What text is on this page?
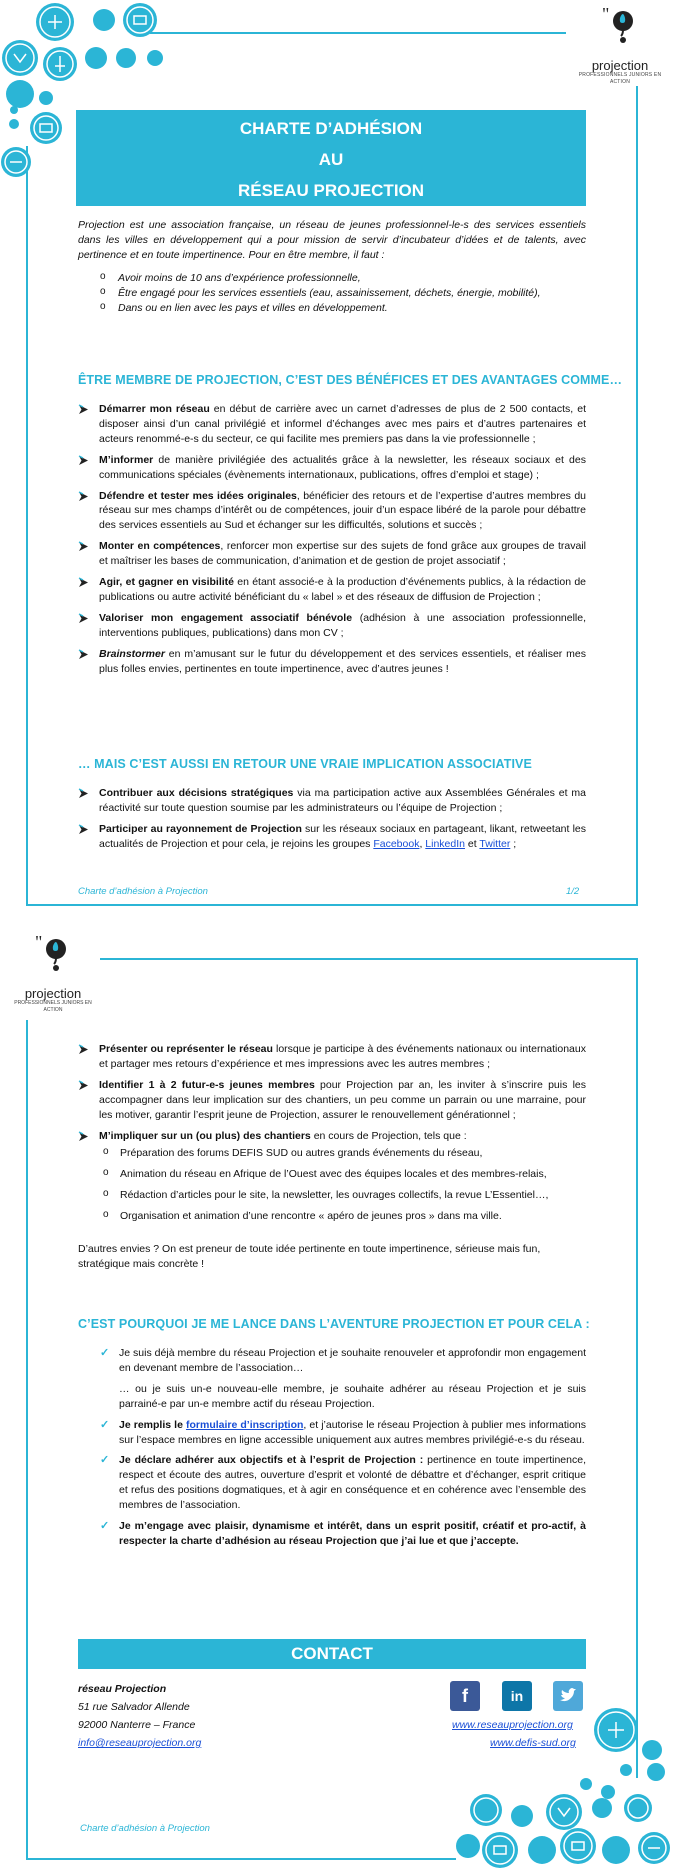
"
projection
PROFESSIONNELS JUNIORS EN ACTION
CHARTE D’ADHÉSION
AU
RÉSEAU PROJECTION

Projection est une association française, un réseau de jeunes professionnel-le-s des services essentiels dans les villes en développement qui a pour mission de servir d’incubateur d’idées et de talents, avec pertinence et en toute impertinence. Pour en être membre, il faut :

o Avoir moins de 10 ans d’expérience professionnelle,
o Être engagé pour les services essentiels (eau, assainissement, déchets, énergie, mobilité),
o Dans ou en lien avec les pays et villes en développement.
ÊTRE MEMBRE DE PROJECTION, C’EST DES BÉNÉFICES ET DES AVANTAGES COMME…
Démarrer mon réseau en début de carrière avec un carnet d’adresses de plus de 2 500 contacts, et disposer ainsi d’un canal privilégié et informel d’échanges avec mes pairs et d’autres partenaires et acteurs renommé-e-s du secteur, ce qui facilite mes premiers pas dans la vie professionnelle ;
M’informer de manière privilégiée des actualités grâce à la newsletter, les réseaux sociaux et des communications spéciales (évènements internationaux, publications, offres d’emploi et stage) ;
Défendre et tester mes idées originales, bénéficier des retours et de l’expertise d’autres membres du réseau sur mes champs d’intérêt ou de compétences, jouir d’un espace libéré de la parole pour débattre des services essentiels au Sud et échanger sur les difficultés, solutions et succès ;
Monter en compétences, renforcer mon expertise sur des sujets de fond grâce aux groupes de travail et maîtriser les bases de communication, d’animation et de gestion de projet associatif ;
Agir, et gagner en visibilité en étant associé-e à la production d’événements publics, à la rédaction de publications ou autre activité bénéficiant du « label » et des réseaux de diffusion de Projection ;
Valoriser mon engagement associatif bénévole (adhésion à une association professionnelle, interventions publiques, publications) dans mon CV ;
Brainstormer en m’amusant sur le futur du développement et des services essentiels, et réaliser mes plus folles envies, pertinentes en toute impertinence, avec d’autres jeunes !
… MAIS C’EST AUSSI EN RETOUR UNE VRAIE IMPLICATION ASSOCIATIVE
Contribuer aux décisions stratégiques via ma participation active aux Assemblées Générales et ma réactivité sur toute question soumise par les administrateurs ou l’équipe de Projection ;
Participer au rayonnement de Projection sur les réseaux sociaux en partageant, likant, retweetant les actualités de Projection et pour cela, je rejoins les groupes Facebook, LinkedIn et Twitter ;
Charte d’adhésion à Projection	1/2
"
projection
PROFESSIONNELS JUNIORS EN ACTION
Présenter ou représenter le réseau lorsque je participe à des événements nationaux ou internationaux et partager mes retours d’expérience et mes impressions avec les autres membres ;
Identifier 1 à 2 futur-e-s jeunes membres pour Projection par an, les inviter à s’inscrire puis les accompagner dans leur implication sur des chantiers, un peu comme un parrain ou une marraine, pour les motiver, garantir l’esprit jeune de Projection, assurer le renouvellement générationnel ;
M’impliquer sur un (ou plus) des chantiers en cours de Projection, tels que :
o Préparation des forums DEFIS SUD ou autres grands événements du réseau,
o Animation du réseau en Afrique de l’Ouest avec des équipes locales et des membres-relais,
o Rédaction d’articles pour le site, la newsletter, les ouvrages collectifs, la revue L’Essentiel…,
o Organisation et animation d’une rencontre « apéro de jeunes pros » dans ma ville.

D’autres envies ? On est preneur de toute idée pertinente en toute impertinence, sérieuse mais fun, stratégique mais concrète !

C’EST POURQUOI JE ME LANCE DANS L’AVENTURE PROJECTION ET POUR CELA :
✓ Je suis déjà membre du réseau Projection et je souhaite renouveler et approfondir mon engagement en devenant membre de l’association…
… ou je suis un-e nouveau-elle membre, je souhaite adhérer au réseau Projection et je suis parrainé-e par un-e membre actif du réseau Projection.
✓ Je remplis le formulaire d’inscription, et j’autorise le réseau Projection à publier mes informations sur l’espace membres en ligne accessible uniquement aux autres membres privilégié-e-s du réseau.
✓ Je déclare adhérer aux objectifs et à l’esprit de Projection : pertinence en toute impertinence, respect et écoute des autres, ouverture d’esprit et volonté de débattre et d’échanger, esprit critique et refus des positions dogmatiques, et à agir en conséquence et en cohérence avec l’ensemble des membres de l’association.
✓ Je m’engage avec plaisir, dynamisme et intérêt, dans un esprit positif, créatif et pro-actif, à respecter la charte d’adhésion au réseau Projection que j’ai lue et que j’accepte.
CONTACT
réseau Projection
51 rue Salvador Allende
92000 Nanterre – France
info@reseauprojection.org
f	in
www.reseauprojection.org
www.defis-sud.org
Charte d’adhésion à Projection
